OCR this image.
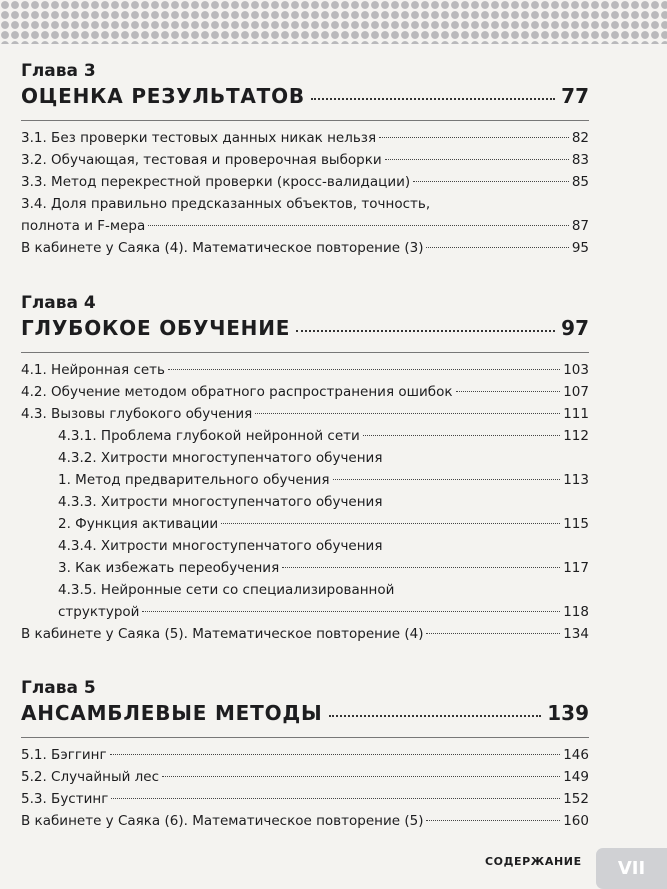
Глава 3
ОЦЕНКА РЕЗУЛЬТАТОВ	77
3.1. Без проверки тестовых данных никак нельзя	82
3.2. Обучающая, тестовая и проверочная выборки	83
3.3. Метод перекрестной проверки (кросс-валидации)	85
3.4. Доля правильно предсказанных объектов, точность,
полнота и F-мера	87
В кабинете у Саяка (4). Математическое повторение (3)	95
Глава 4
ГЛУБОКОЕ ОБУЧЕНИЕ	97
4.1. Нейронная сеть	103
4.2. Обучение методом обратного распространения ошибок	107
4.3. Вызовы глубокого обучения	111
4.3.1. Проблема глубокой нейронной сети	112
4.3.2. Хитрости многоступенчатого обучения
1. Метод предварительного обучения	113
4.3.3. Хитрости многоступенчатого обучения
2. Функция активации	115
4.3.4. Хитрости многоступенчатого обучения
3. Как избежать переобучения	117
4.3.5. Нейронные сети со специализированной
структурой	118
В кабинете у Саяка (5). Математическое повторение (4)	134
Глава 5
АНСАМБЛЕВЫЕ МЕТОДЫ	139
5.1. Бэггинг	146
5.2. Случайный лес	149
5.3. Бустинг	152
В кабинете у Саяка (6). Математическое повторение (5)	160
СОДЕРЖАНИЕ VII
